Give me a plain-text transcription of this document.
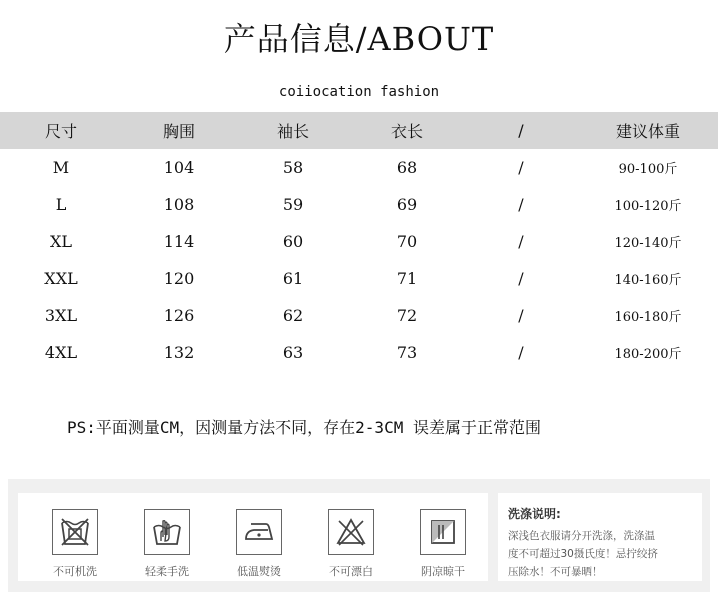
产品信息/ABOUT
coiiocation fashion
尺寸	胸围	袖长	衣长	/	建议体重
M	104	58	68	/	90-100斤
L	108	59	69	/	100-120斤
XL	114	60	70	/	120-140斤
XXL	120	61	71	/	140-160斤
3XL	126	62	72	/	160-180斤
4XL	132	63	73	/	180-200斤
PS:平面测量CM，因测量方法不同，存在2-3CM 误差属于正常范围
不可机洗	轻柔手洗	低温熨烫	不可漂白	阴凉晾干
洗涤说明:
深浅色衣服请分开洗涤，洗涤温
度不可超过30摄氏度！忌拧绞挤
压除水！不可暴晒！
